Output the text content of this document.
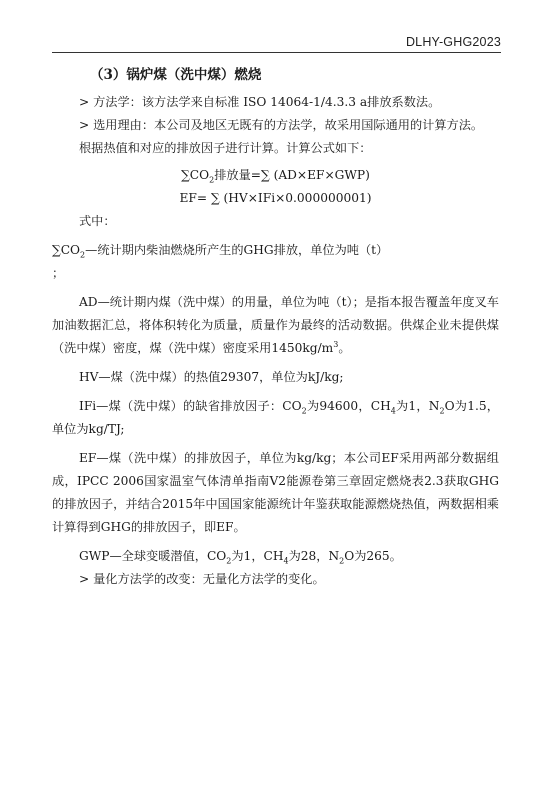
DLHY-GHG2023
（3）锅炉煤（洗中煤）燃烧

> 方法学：该方法学来自标准 ISO 14064-1/4.3.3 a排放系数法。

> 选用理由：本公司及地区无既有的方法学，故采用国际通用的计算方法。

根据热值和对应的排放因子进行计算。计算公式如下：

$\sum CO_2$排放量=∑ (AD×EF×GWP)

EF= ∑ (HV×IFi×0.000000001)

式中：

$\sum CO_2—$统计期内柴油燃烧所产生的GHG排放，单位为吨（t）

；

AD—统计期内煤（洗中煤）的用量，单位为吨（t）；是指本报告覆盖年度叉车加油数据汇总，将体积转化为质量，质量作为最终的活动数据。供煤企业未提供煤（洗中煤）密度，煤（洗中煤）密度采用$1450kg/m^3$。

HV—煤（洗中煤）的热值29307，单位为kJ/kg;

IFi—煤（洗中煤）的缺省排放因子：$CO_2$为94600，$CH_4$为1，$N_2O$为1.5，单位为kg/TJ;

EF—煤（洗中煤）的排放因子，单位为kg/kg；本公司EF采用两部分数据组成，IPCC 2006国家温室气体清单指南V2能源卷第三章固定燃烧表2.3获取GHG的排放因子，并结合2015年中国国家能源统计年鉴获取能源燃烧热值，两数据相乘计算得到GHG的排放因子，即EF。

GWP—全球变暖潜值，$CO_2$为1，$CH_4$为28，$N_2O$为265。

> 量化方法学的改变：无量化方法学的变化。
